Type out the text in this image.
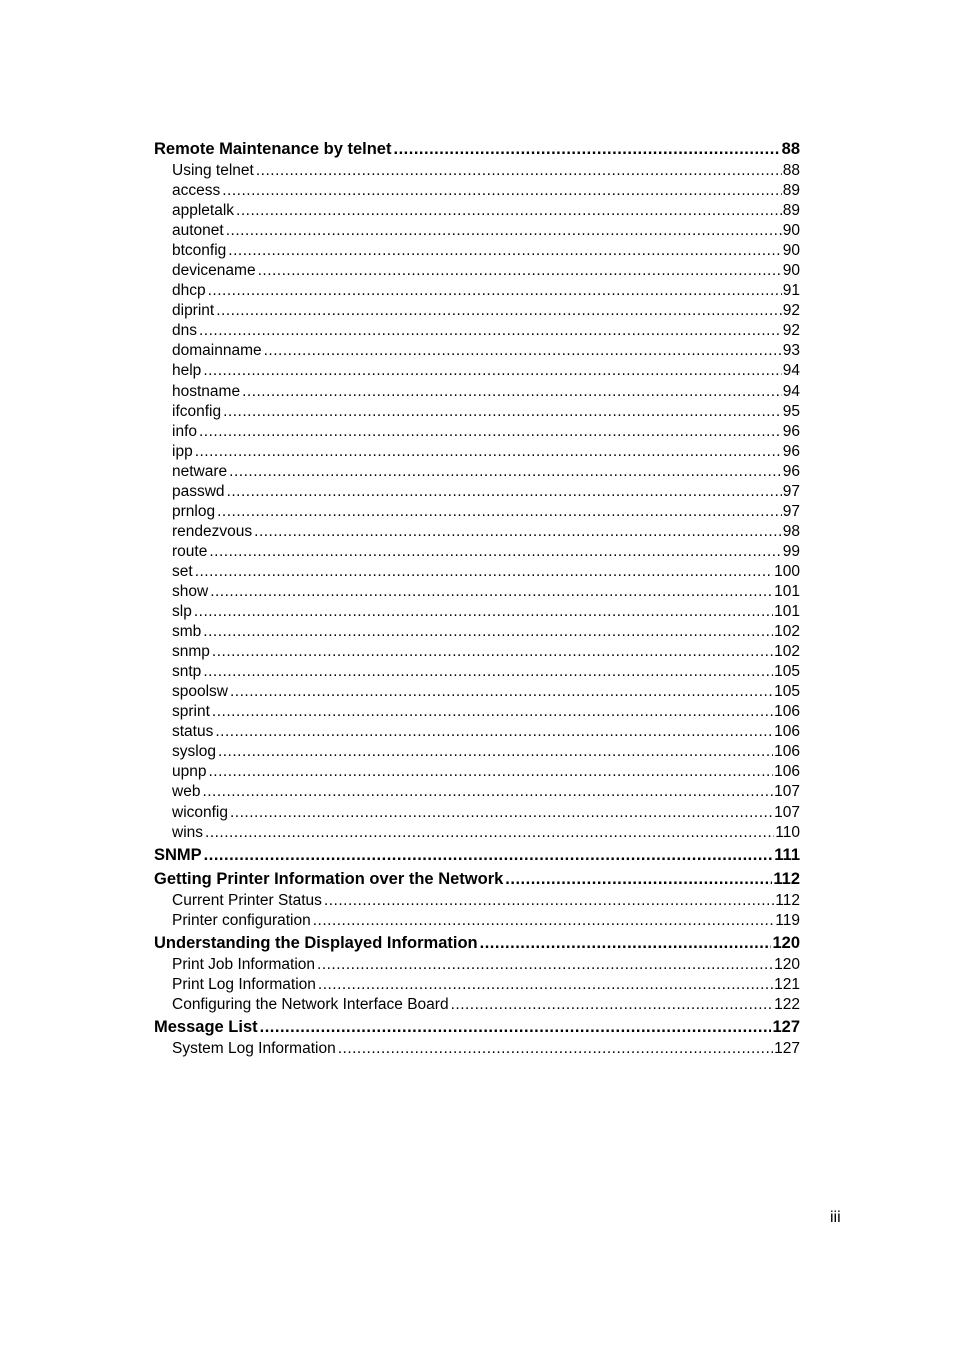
Remote Maintenance by telnet .....	88
Using telnet .....	88
access .....	89
appletalk .....	89
autonet .....	90
btconfig .....	90
devicename .....	90
dhcp .....	91
diprint .....	92
dns .....	92
domainname .....	93
help .....	94
hostname .....	94
ifconfig .....	95
info .....	96
ipp .....	96
netware .....	96
passwd .....	97
prnlog .....	97
rendezvous .....	98
route .....	99
set .....	100
show .....	101
slp .....	101
smb .....	102
snmp .....	102
sntp .....	105
spoolsw .....	105
sprint .....	106
status .....	106
syslog .....	106
upnp .....	106
web .....	107
wiconfig .....	107
wins .....	110
SNMP .....	111
Getting Printer Information over the Network .....	112
Current Printer Status .....	112
Printer configuration .....	119
Understanding the Displayed Information .....	120
Print Job Information .....	120
Print Log Information .....	121
Configuring the Network Interface Board .....	122
Message List .....	127
System Log Information .....	127
iii
